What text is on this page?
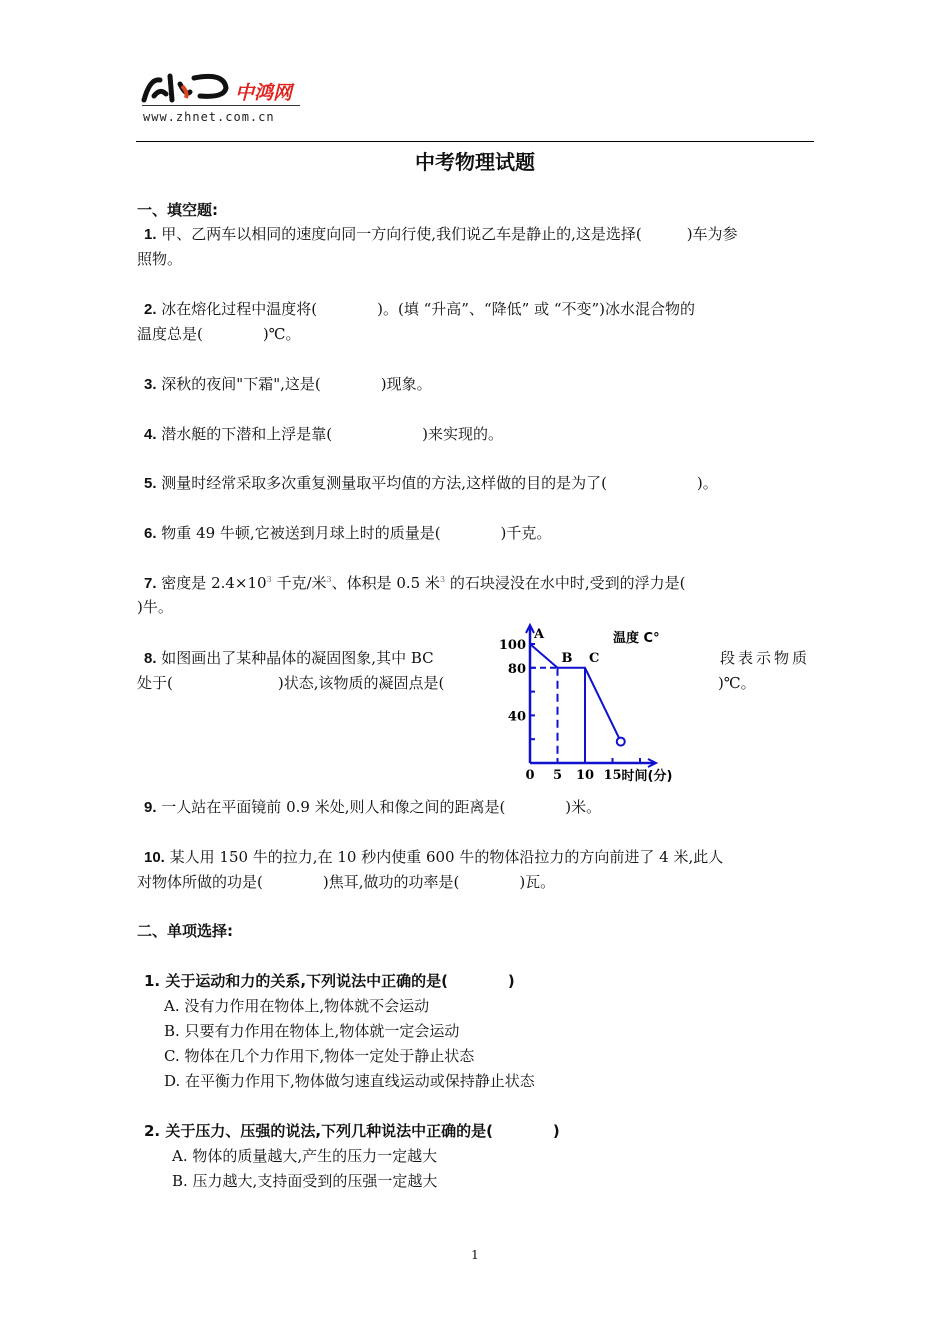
中鸿网
www.zhnet.com.cn
中考物理试题
一、填空题:
1. 甲、乙两车以相同的速度向同一方向行使,我们说乙车是静止的,这是选择(　　　)车为参
照物。
2. 冰在熔化过程中温度将(　　　　)。(填 “升高”、“降低” 或 “不变”)冰水混合物的
温度总是(　　　　)℃。
3. 深秋的夜间"下霜",这是(　　　　)现象。
4. 潜水艇的下潜和上浮是靠(　　　　　　)来实现的。
5. 测量时经常采取多次重复测量取平均值的方法,这样做的目的是为了(　　　　　　)。
6. 物重 49 牛顿,它被送到月球上时的质量是(　　　　)千克。
7. 密度是 $2.4\times 10^3$ 千克/米$^3$、体积是 0.5 米$^3$ 的石块浸没在水中时,受到的浮力是(
)牛。
8. 如图画出了某种晶体的凝固图象,其中 BC	段表示物质
处于(　　　　　　　)状态,该物质的凝固点是(	)℃。
100
80
40
0 5 10 15 时间(分)
温度 C°
A
B C
9. 一人站在平面镜前 0.9 米处,则人和像之间的距离是(　　　　)米。
10. 某人用 150 牛的拉力,在 10 秒内使重 600 牛的物体沿拉力的方向前进了 4 米,此人
对物体所做的功是(　　　　)焦耳,做功的功率是(　　　　)瓦。
二、单项选择:
1. 关于运动和力的关系,下列说法中正确的是(　　　　)
A. 没有力作用在物体上,物体就不会运动
B. 只要有力作用在物体上,物体就一定会运动
C. 物体在几个力作用下,物体一定处于静止状态
D. 在平衡力作用下,物体做匀速直线运动或保持静止状态
2. 关于压力、压强的说法,下列几种说法中正确的是(　　　　)
A. 物体的质量越大,产生的压力一定越大
B. 压力越大,支持面受到的压强一定越大
1
